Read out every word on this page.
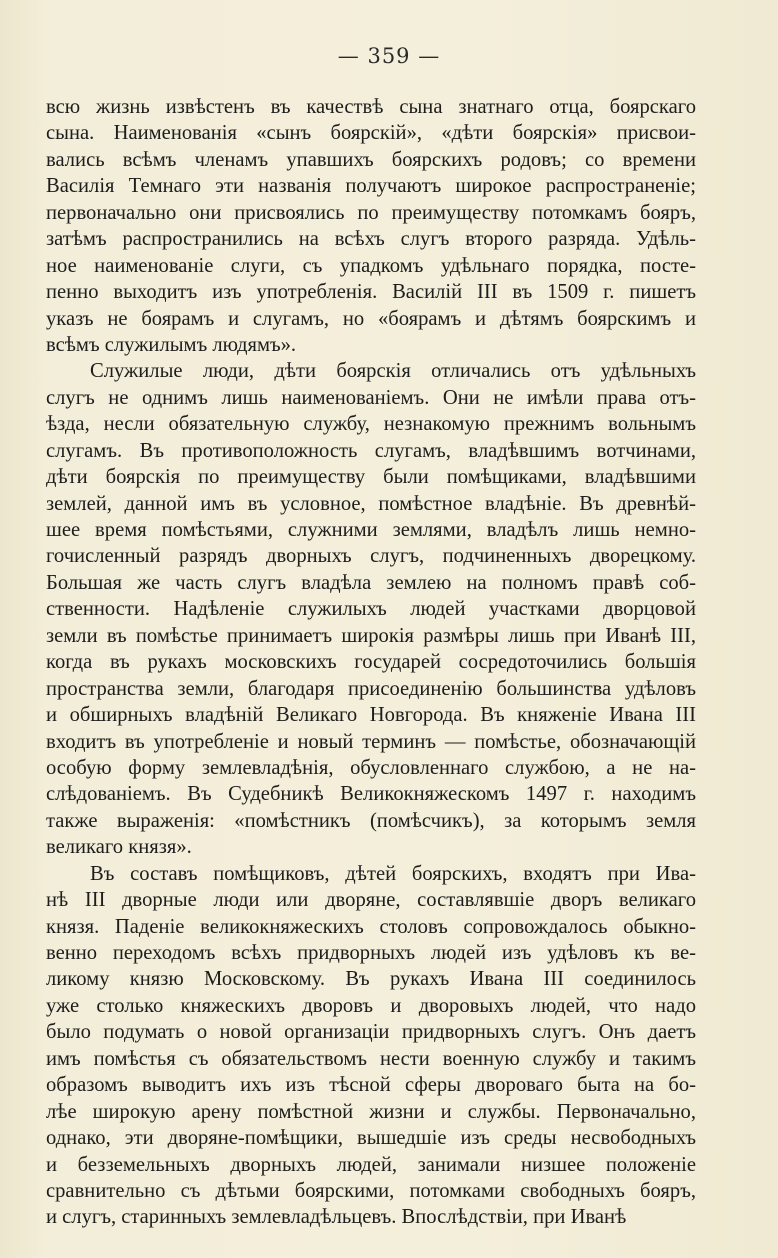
— 359 —
всю жизнь извѣстенъ въ качествѣ сына знатнаго отца, боярскаго
сына. Наименованія «сынъ боярскій», «дѣти боярскія» присвои-
вались всѣмъ членамъ упавшихъ боярскихъ родовъ; со времени
Василія Темнаго эти названія получаютъ широкое распространеніе;
первоначально они присвоялись по преимуществу потомкамъ бояръ,
затѣмъ распространились на всѣхъ слугъ второго разряда. Удѣль-
ное наименованіе слуги, съ упадкомъ удѣльнаго порядка, посте-
пенно выходитъ изъ употребленія. Василій III въ 1509 г. пишетъ
указъ не боярамъ и слугамъ, но «боярамъ и дѣтямъ боярскимъ и
всѣмъ служилымъ людямъ».
Служилые люди, дѣти боярскія отличались отъ удѣльныхъ
слугъ не однимъ лишь наименованіемъ. Они не имѣли права отъ-
ѣзда, несли обязательную службу, незнакомую прежнимъ вольнымъ
слугамъ. Въ противоположность слугамъ, владѣвшимъ вотчинами,
дѣти боярскія по преимуществу были помѣщиками, владѣвшими
землей, данной имъ въ условное, помѣстное владѣніе. Въ древнѣй-
шее время помѣстьями, служними землями, владѣлъ лишь немно-
гочисленный разрядъ дворныхъ слугъ, подчиненныхъ дворецкому.
Большая же часть слугъ владѣла землею на полномъ правѣ соб-
ственности. Надѣленіе служилыхъ людей участками дворцовой
земли въ помѣстье принимаетъ широкія размѣры лишь при Иванѣ III,
когда въ рукахъ московскихъ государей сосредоточились большія
пространства земли, благодаря присоединенію большинства удѣловъ
и обширныхъ владѣній Великаго Новгорода. Въ княженіе Ивана III
входитъ въ употребленіе и новый терминъ — помѣстье, обозначающій
особую форму землевладѣнія, обусловленнаго службою, а не на-
слѣдованіемъ. Въ Судебникѣ Великокняжескомъ 1497 г. находимъ
также выраженія: «помѣстникъ (помѣсчикъ), за которымъ земля
великаго князя».
Въ составъ помѣщиковъ, дѣтей боярскихъ, входятъ при Ива-
нѣ III дворные люди или дворяне, составлявшіе дворъ великаго
князя. Паденіе великокняжескихъ столовъ сопровождалось обыкно-
венно переходомъ всѣхъ придворныхъ людей изъ удѣловъ къ ве-
ликому князю Московскому. Въ рукахъ Ивана III соединилось
уже столько княжескихъ дворовъ и дворовыхъ людей, что надо
было подумать о новой организаціи придворныхъ слугъ. Онъ даетъ
имъ помѣстья съ обязательствомъ нести военную службу и такимъ
образомъ выводитъ ихъ изъ тѣсной сферы двороваго быта на бо-
лѣе широкую арену помѣстной жизни и службы. Первоначально,
однако, эти дворяне-помѣщики, вышедшіе изъ среды несвободныхъ
и безземельныхъ дворныхъ людей, занимали низшее положеніе
сравнительно съ дѣтьми боярскими, потомками свободныхъ бояръ,
и слугъ, старинныхъ землевладѣльцевъ. Впослѣдствіи, при Иванѣ
